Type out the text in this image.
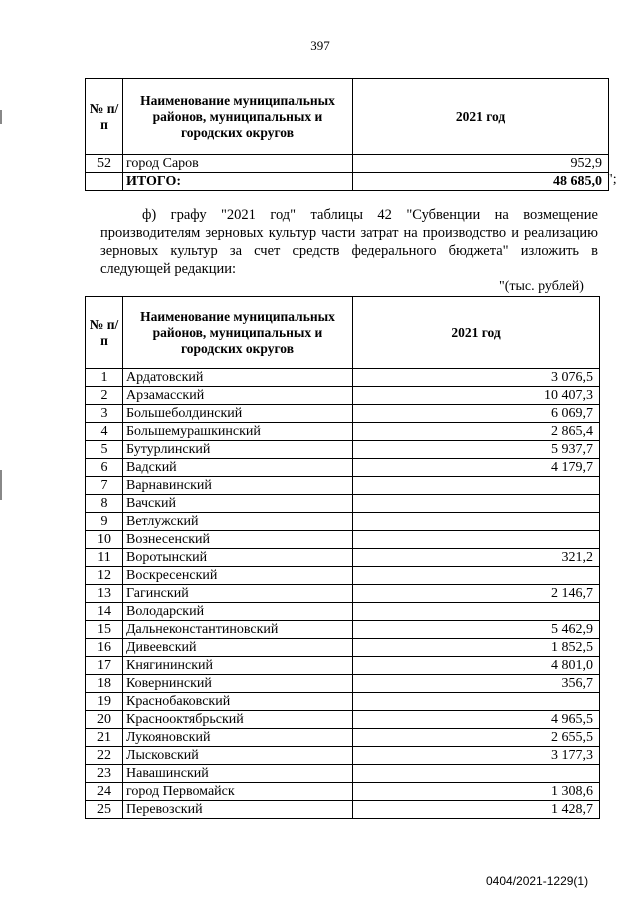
397
№ п/п	Наименование муниципальных районов, муниципальных и городских округов	2021 год
52	город Саров	952,9
	ИТОГО:	48 685,0 ";

ф) графу "2021 год" таблицы 42 "Субвенции на возмещение производителям зерновых культур части затрат на производство и реализацию зерновых культур за счет средств федерального бюджета" изложить в следующей редакции:

"(тыс. рублей)
№ п/п	Наименование муниципальных районов, муниципальных и городских округов	2021 год
1	Ардатовский	3 076,5
2	Арзамасский	10 407,3
3	Большеболдинский	6 069,7
4	Большемурашкинский	2 865,4
5	Бутурлинский	5 937,7
6	Вадский	4 179,7
7	Варнавинский	
8	Вачский	
9	Ветлужский	
10	Вознесенский	
11	Воротынский	321,2
12	Воскресенский	
13	Гагинский	2 146,7
14	Володарский	
15	Дальнеконстантиновский	5 462,9
16	Дивеевский	1 852,5
17	Княгининский	4 801,0
18	Ковернинский	356,7
19	Краснобаковский	
20	Краснооктябрьский	4 965,5
21	Лукояновский	2 655,5
22	Лысковский	3 177,3
23	Навашинский	
24	город Первомайск	1 308,6
25	Перевозский	1 428,7
0404/2021-1229(1)
